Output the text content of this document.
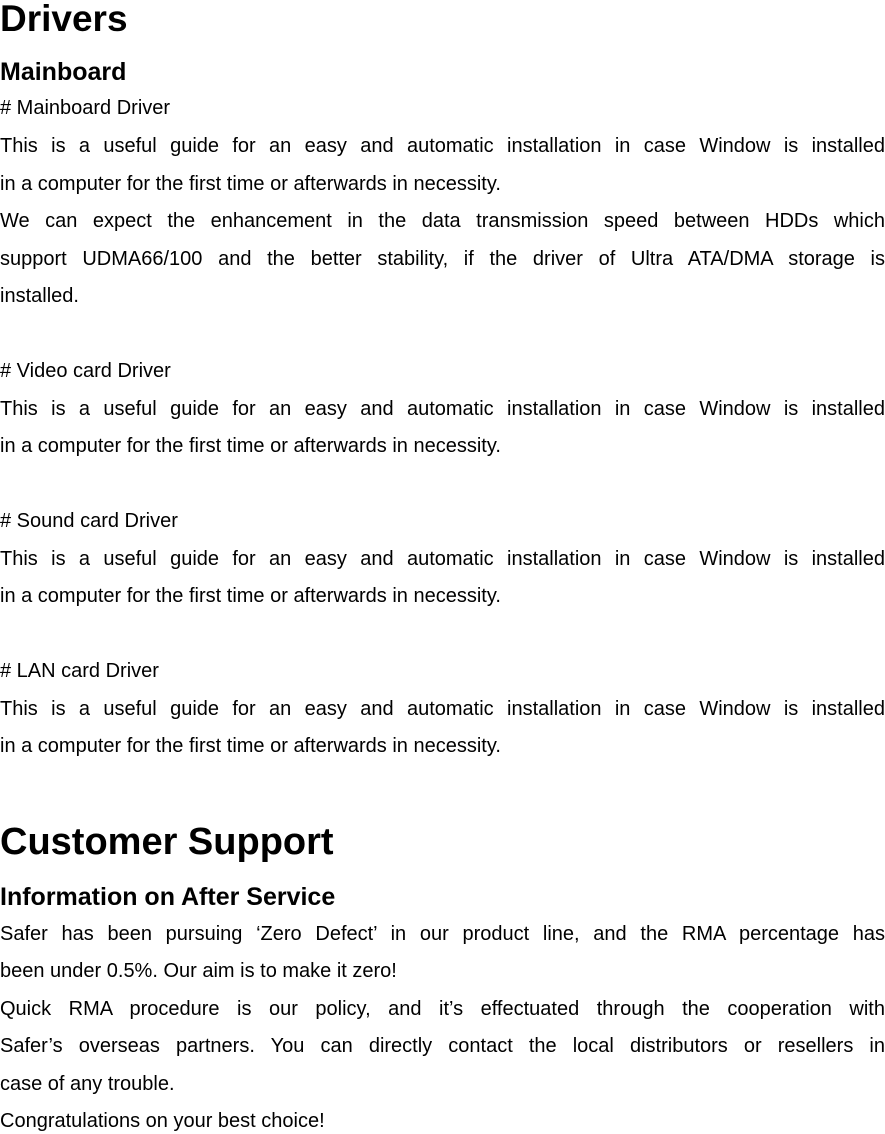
Drivers
Mainboard
# Mainboard Driver
This is a useful guide for an easy and automatic installation in case Window is installed
in a computer for the first time or afterwards in necessity.
We can expect the enhancement in the data transmission speed between HDDs which
support UDMA66/100 and the better stability, if the driver of Ultra ATA/DMA storage is
installed.
# Video card Driver
This is a useful guide for an easy and automatic installation in case Window is installed
in a computer for the first time or afterwards in necessity.
# Sound card Driver
This is a useful guide for an easy and automatic installation in case Window is installed
in a computer for the first time or afterwards in necessity.
# LAN card Driver
This is a useful guide for an easy and automatic installation in case Window is installed
in a computer for the first time or afterwards in necessity.
Customer Support
Information on After Service
Safer has been pursuing ‘Zero Defect’ in our product line, and the RMA percentage has
been under 0.5%. Our aim is to make it zero!
Quick RMA procedure is our policy, and it’s effectuated through the cooperation with
Safer’s overseas partners. You can directly contact the local distributors or resellers in
case of any trouble.
Congratulations on your best choice!
